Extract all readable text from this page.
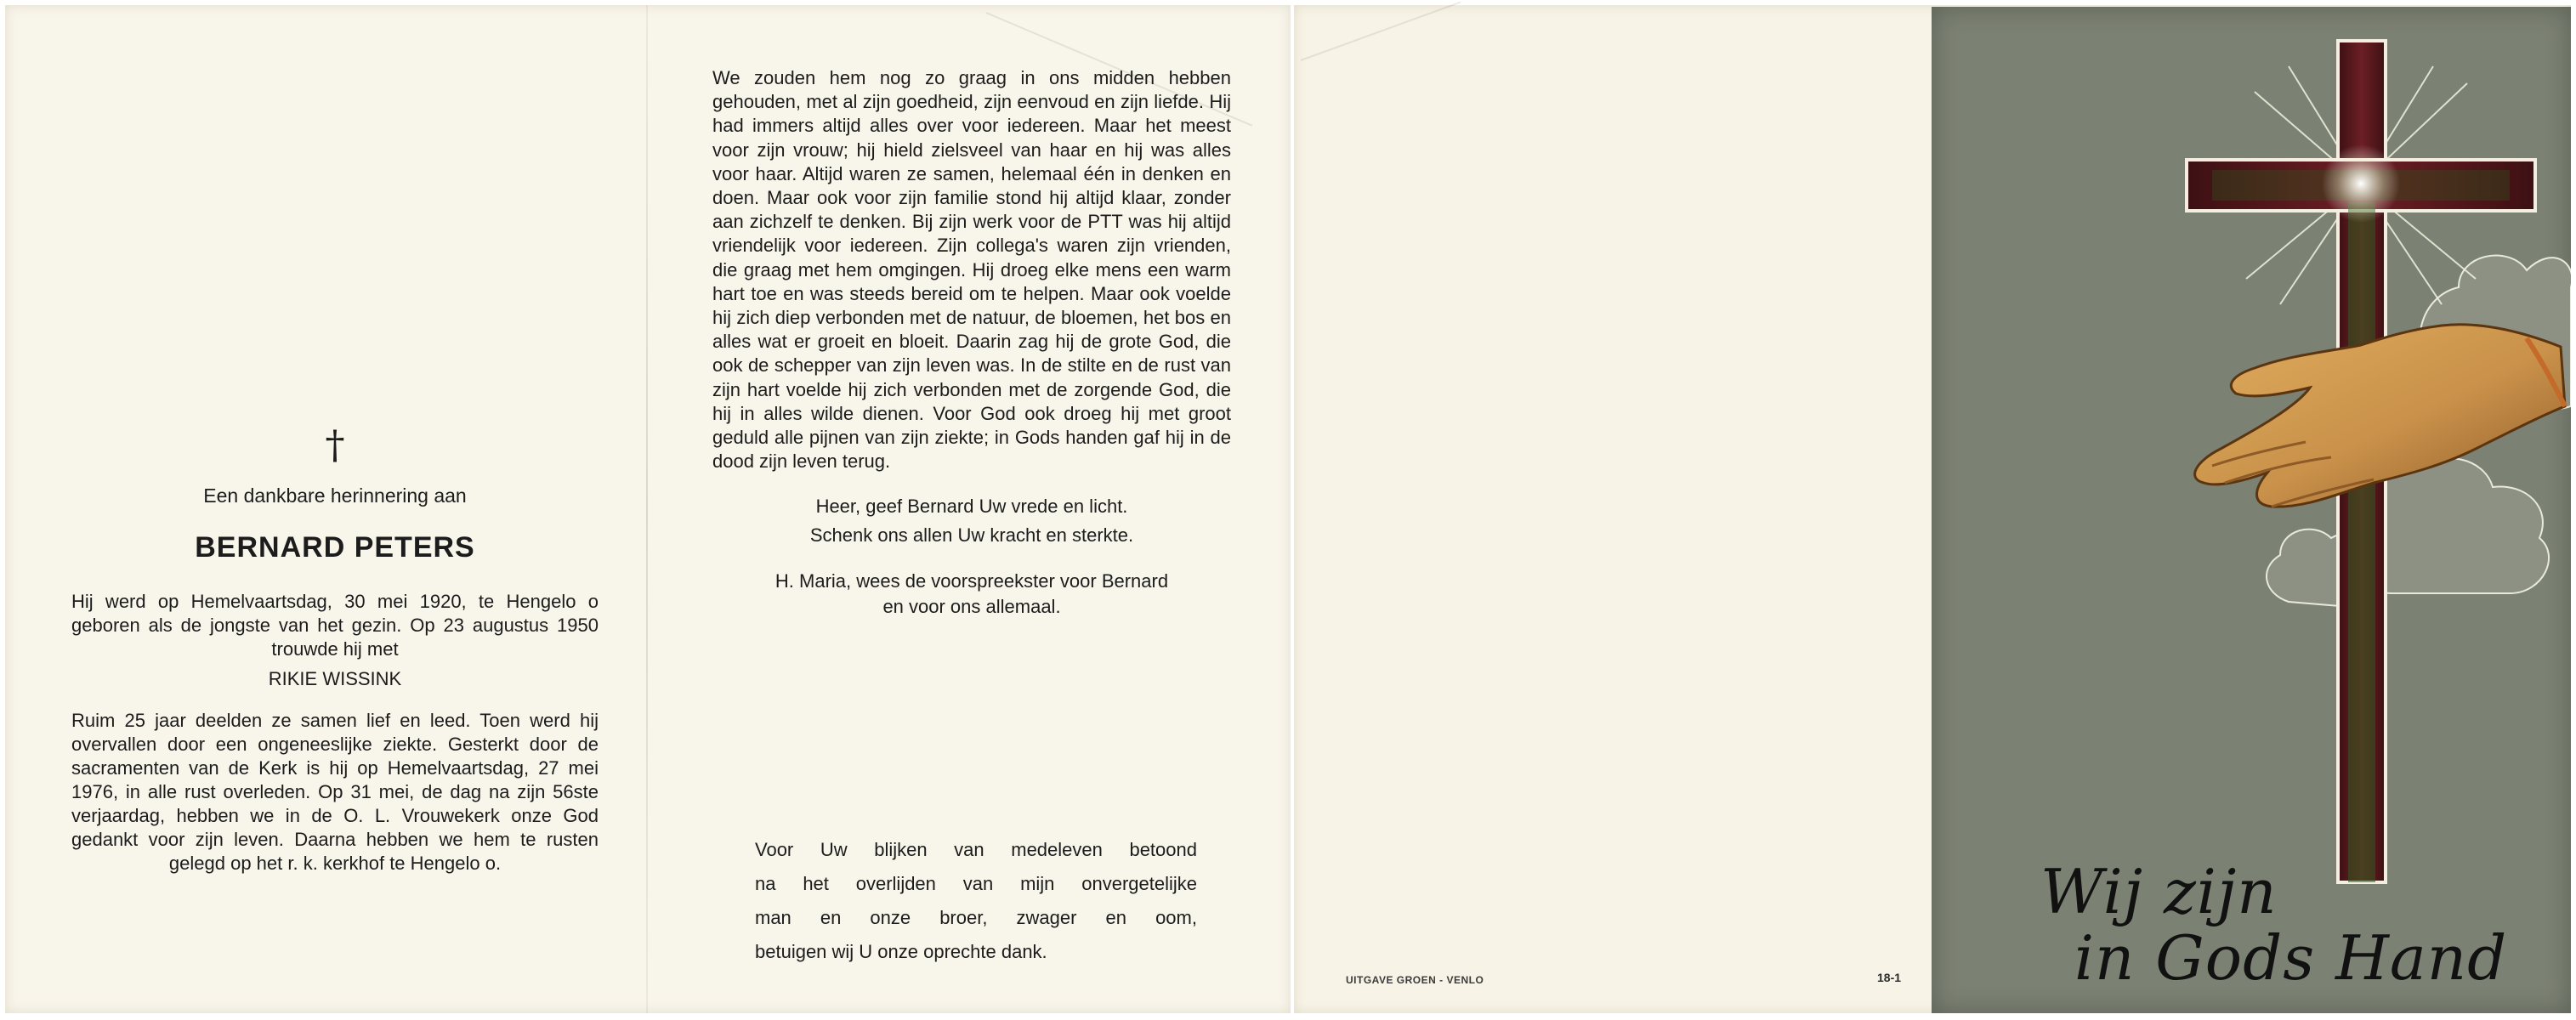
†
Een dankbare herinnering aan
BERNARD PETERS
Hij werd op Hemelvaartsdag, 30 mei 1920, te Hengelo o geboren als de jongste van het gezin. Op 23 augustus 1950 trouwde hij met
RIKIE WISSINK
Ruim 25 jaar deelden ze samen lief en leed. Toen werd hij overvallen door een ongeneeslijke ziekte. Gesterkt door de sacramenten van de Kerk is hij op Hemelvaartsdag, 27 mei 1976, in alle rust overleden. Op 31 mei, de dag na zijn 56ste verjaardag, hebben we in de O. L. Vrouwekerk onze God gedankt voor zijn leven. Daarna hebben we hem te rusten gelegd op het r. k. kerkhof te Hengelo o.
We zouden hem nog zo graag in ons midden hebben gehouden, met al zijn goedheid, zijn eenvoud en zijn liefde. Hij had immers altijd alles over voor iedereen. Maar het meest voor zijn vrouw; hij hield zielsveel van haar en hij was alles voor haar. Altijd waren ze samen, helemaal één in denken en doen. Maar ook voor zijn familie stond hij altijd klaar, zonder aan zichzelf te denken. Bij zijn werk voor de PTT was hij altijd vriendelijk voor iedereen. Zijn collega's waren zijn vrienden, die graag met hem omgingen. Hij droeg elke mens een warm hart toe en was steeds bereid om te helpen. Maar ook voelde hij zich diep verbonden met de natuur, de bloemen, het bos en alles wat er groeit en bloeit. Daarin zag hij de grote God, die ook de schepper van zijn leven was. In de stilte en de rust van zijn hart voelde hij zich verbonden met de zorgende God, die hij in alles wilde dienen. Voor God ook droeg hij met groot geduld alle pijnen van zijn ziekte; in Gods handen gaf hij in de dood zijn leven terug.
Heer, geef Bernard Uw vrede en licht.
Schenk ons allen Uw kracht en sterkte.
H. Maria, wees de voorspreekster voor Bernard
en voor ons allemaal.
Voor Uw blijken van medeleven betoond
na het overlijden van mijn onvergetelijke
man en onze broer, zwager en oom,
betuigen wij U onze oprechte dank.
UITGAVE GROEN - VENLO	18-1
Wij zijn
in Gods Hand
